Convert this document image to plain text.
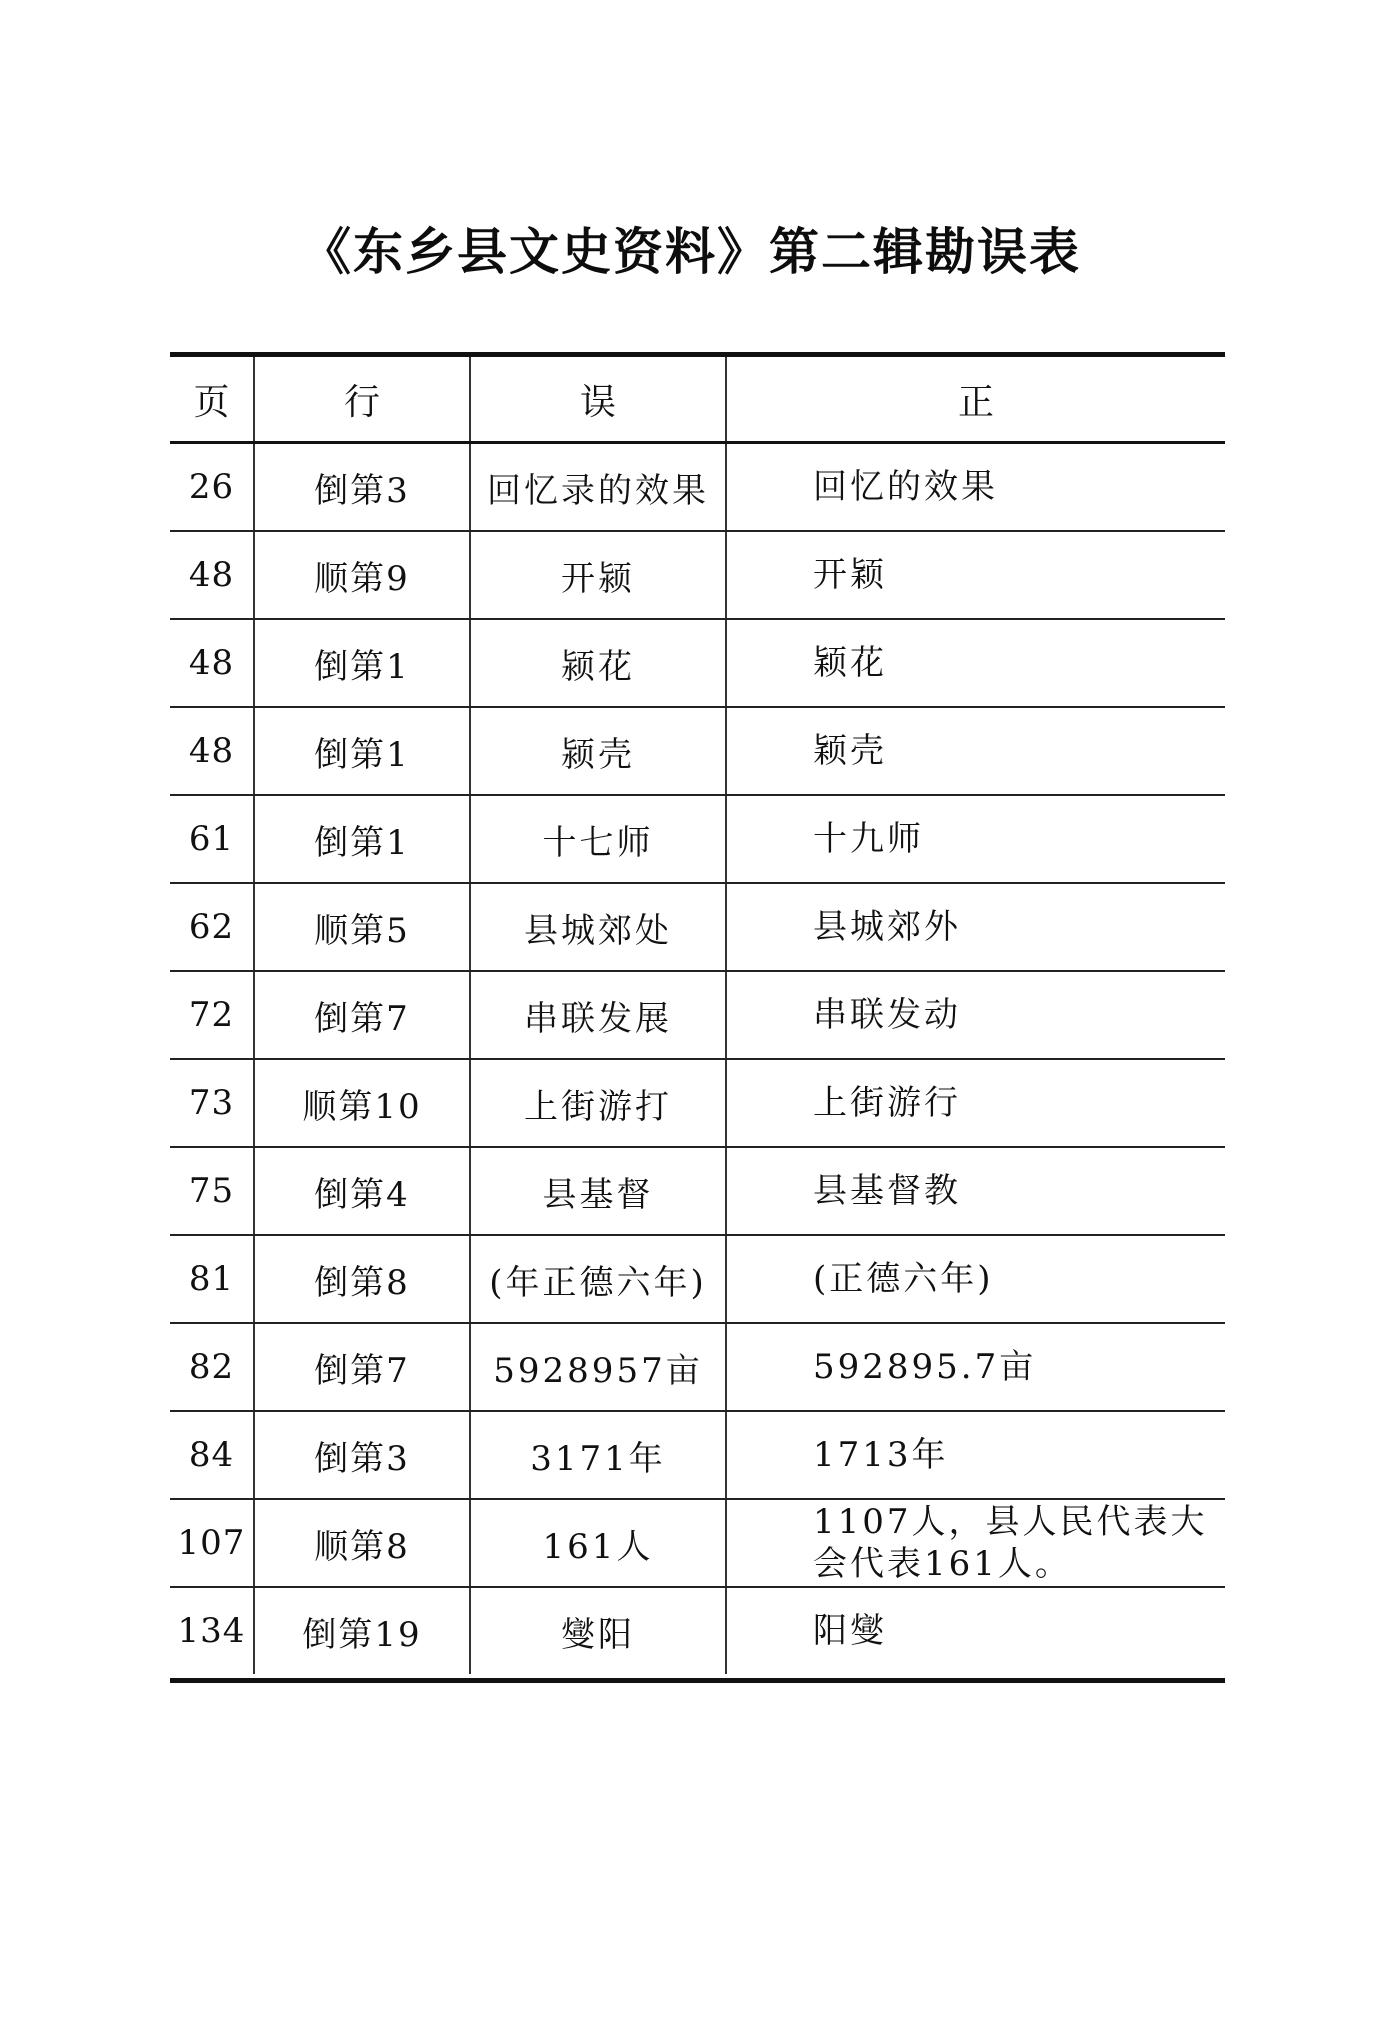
《东乡县文史资料》第二辑勘误表
页	行	误	正
26	倒第3	回忆录的效果	回忆的效果
48	顺第9	开颍	开颖
48	倒第1	颍花	颖花
48	倒第1	颍壳	颖壳
61	倒第1	十七师	十九师
62	顺第5	县城郊处	县城郊外
72	倒第7	串联发展	串联发动
73	顺第10	上街游打	上街游行
75	倒第4	县基督	县基督教
81	倒第8	(年正德六年)	(正德六年)
82	倒第7	5928957亩	592895.7亩
84	倒第3	3171年	1713年
107	顺第8	161人	1107人，县人民代表大会代表161人。
134	倒第19	燮阳	阳燮
